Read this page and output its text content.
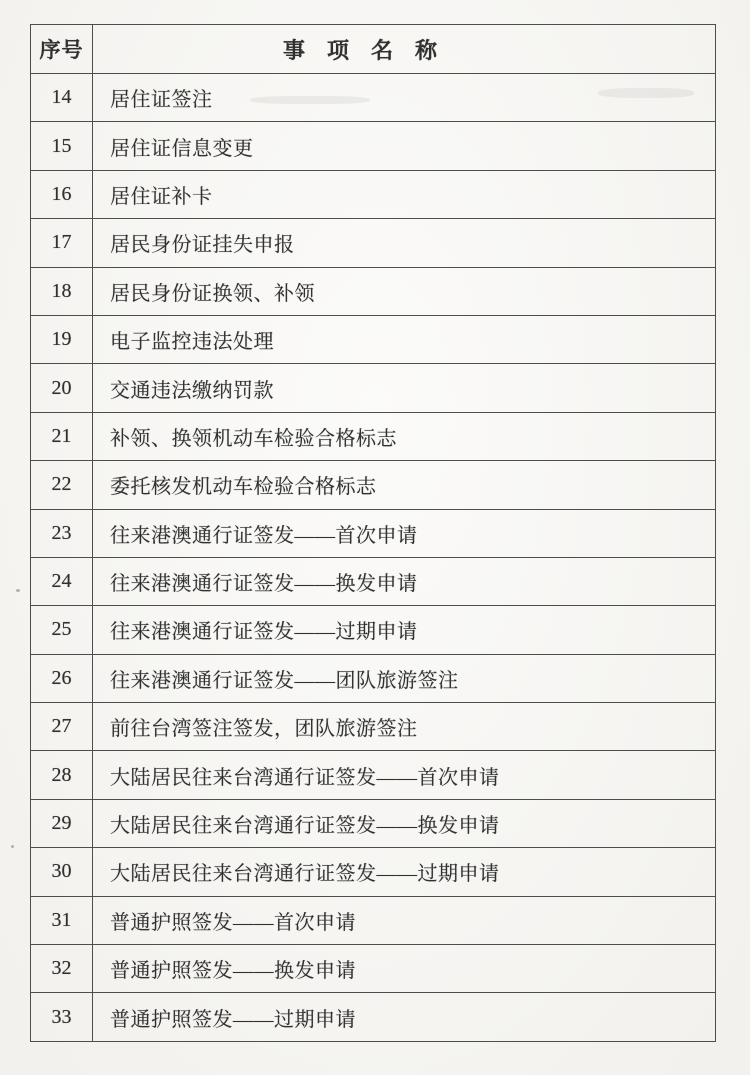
序号	事　项　名　称
14	居住证签注
15	居住证信息变更
16	居住证补卡
17	居民身份证挂失申报
18	居民身份证换领、补领
19	电子监控违法处理
20	交通违法缴纳罚款
21	补领、换领机动车检验合格标志
22	委托核发机动车检验合格标志
23	往来港澳通行证签发——首次申请
24	往来港澳通行证签发——换发申请
25	往来港澳通行证签发——过期申请
26	往来港澳通行证签发——团队旅游签注
27	前往台湾签注签发，团队旅游签注
28	大陆居民往来台湾通行证签发——首次申请
29	大陆居民往来台湾通行证签发——换发申请
30	大陆居民往来台湾通行证签发——过期申请
31	普通护照签发——首次申请
32	普通护照签发——换发申请
33	普通护照签发——过期申请
